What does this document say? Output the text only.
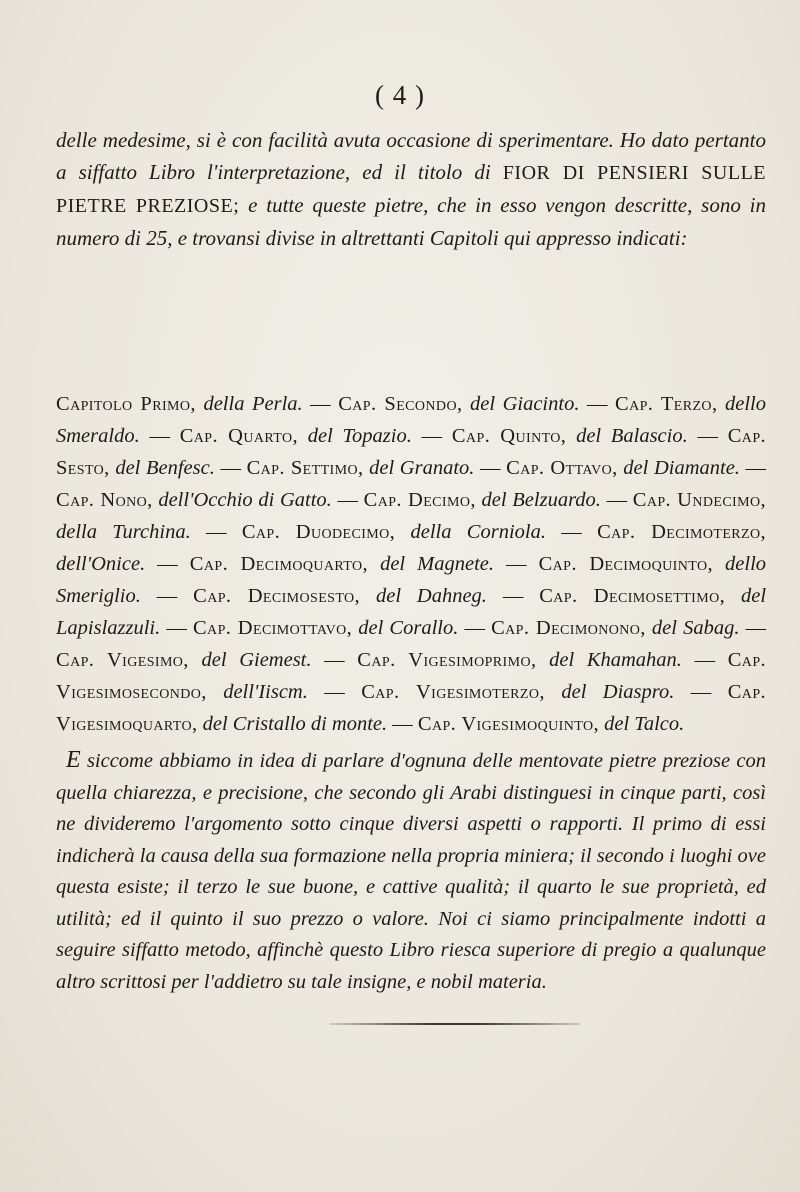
( 4 )
delle medesime, si è con facilità avuta occasione di sperimentare. Ho dato pertanto a siffatto Libro l'interpretazione, ed il titolo di FIOR DI PENSIERI SULLE PIETRE PREZIOSE; e tutte queste pietre, che in esso vengon descritte, sono in numero di 25, e trovansi divise in altrettanti Capitoli qui appresso indicati:
Capitolo Primo, della Perla. — Cap. Secondo, del Giacinto. — Cap. Terzo, dello Smeraldo. — Cap. Quarto, del Topazio. — Cap. Quinto, del Balascio. — Cap. Sesto, del Benfesc. — Cap. Settimo, del Granato. — Cap. Ottavo, del Diamante. — Cap. Nono, dell'Occhio di Gatto. — Cap. Decimo, del Belzuardo. — Cap. Undecimo, della Turchina. — Cap. Duodecimo, della Corniola. — Cap. Decimoterzo, dell'Onice. — Cap. Decimoquarto, del Magnete. — Cap. Decimoquinto, dello Smeriglio. — Cap. Decimosesto, del Dahneg. — Cap. Decimosettimo, del Lapislazzuli. — Cap. Decimottavo, del Corallo. — Cap. Decimonono, del Sabag. — Cap. Vigesimo, del Giemest. — Cap. Vigesimoprimo, del Khamahan. — Cap. Vigesimosecondo, dell'Iiscm. — Cap. Vigesimoterzo, del Diaspro. — Cap. Vigesimoquarto, del Cristallo di monte. — Cap. Vigesimoquinto, del Talco.
E siccome abbiamo in idea di parlare d'ognuna delle mentovate pietre preziose con quella chiarezza, e precisione, che secondo gli Arabi distinguesi in cinque parti, così ne divideremo l'argomento sotto cinque diversi aspetti o rapporti. Il primo di essi indicherà la causa della sua formazione nella propria miniera; il secondo i luoghi ove questa esiste; il terzo le sue buone, e cattive qualità; il quarto le sue proprietà, ed utilità; ed il quinto il suo prezzo o valore. Noi ci siamo principalmente indotti a seguire siffatto metodo, affinchè questo Libro riesca superiore di pregio a qualunque altro scrittosi per l'addietro su tale insigne, e nobil materia.
